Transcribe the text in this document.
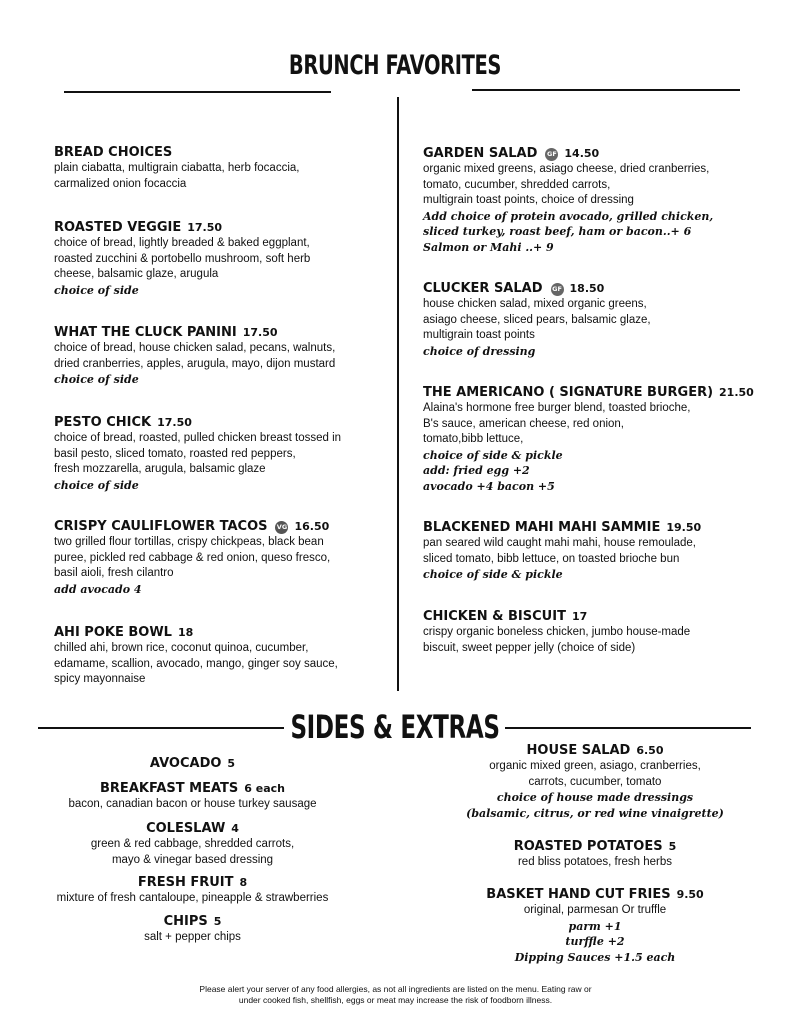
BRUNCH FAVORITES
SIDES & EXTRAS
BREAD CHOICES
plain ciabatta, multigrain ciabatta, herb focaccia,
carmalized onion focaccia
ROASTED VEGGIE 17.50
choice of bread, lightly breaded & baked eggplant,
roasted zucchini & portobello mushroom, soft herb
cheese, balsamic glaze, arugula
choice of side
WHAT THE CLUCK PANINI 17.50
choice of bread, house chicken salad, pecans, walnuts,
dried cranberries, apples, arugula, mayo, dijon mustard
choice of side
PESTO CHICK 17.50
choice of bread, roasted, pulled chicken breast tossed in
basil pesto, sliced tomato, roasted red peppers,
fresh mozzarella, arugula, balsamic glaze
choice of side
CRISPY CAULIFLOWER TACOS VG 16.50
two grilled flour tortillas, crispy chickpeas, black bean
puree, pickled red cabbage & red onion, queso fresco,
basil aioli, fresh cilantro
add avocado 4
AHI POKE BOWL 18
chilled ahi, brown rice, coconut quinoa, cucumber,
edamame, scallion, avocado, mango, ginger soy sauce,
spicy mayonnaise
GARDEN SALAD GF 14.50
organic mixed greens, asiago cheese, dried cranberries,
tomato, cucumber, shredded carrots,
multigrain toast points, choice of dressing
Add choice of protein avocado, grilled chicken,
sliced turkey, roast beef, ham or bacon..+ 6
Salmon or Mahi ..+ 9
CLUCKER SALAD GF 18.50
house chicken salad, mixed organic greens,
asiago cheese, sliced pears, balsamic glaze,
multigrain toast points
choice of dressing
THE AMERICANO ( SIGNATURE BURGER) 21.50
Alaina's hormone free burger blend, toasted brioche,
B's sauce, american cheese, red onion,
tomato,bibb lettuce,
choice of side & pickle
add: fried egg +2
avocado +4 bacon +5
BLACKENED MAHI MAHI SAMMIE 19.50
pan seared wild caught mahi mahi, house remoulade,
sliced tomato, bibb lettuce, on toasted brioche bun
choice of side & pickle
CHICKEN & BISCUIT 17
crispy organic boneless chicken, jumbo house-made
biscuit, sweet pepper jelly (choice of side)
AVOCADO 5
BREAKFAST MEATS 6 each
bacon, canadian bacon or house turkey sausage
COLESLAW 4
green & red cabbage, shredded carrots,
mayo & vinegar based dressing
FRESH FRUIT 8
mixture of fresh cantaloupe, pineapple & strawberries
CHIPS 5
salt + pepper chips
HOUSE SALAD 6.50
organic mixed green, asiago, cranberries,
carrots, cucumber, tomato
choice of house made dressings
(balsamic, citrus, or red wine vinaigrette)
ROASTED POTATOES 5
red bliss potatoes, fresh herbs
BASKET HAND CUT FRIES 9.50
original, parmesan Or truffle
parm +1
turffle +2
Dipping Sauces +1.5 each
Please alert your server of any food allergies, as not all ingredients are listed on the menu. Eating raw or
under cooked fish, shellfish, eggs or meat may increase the risk of foodborn illness.
